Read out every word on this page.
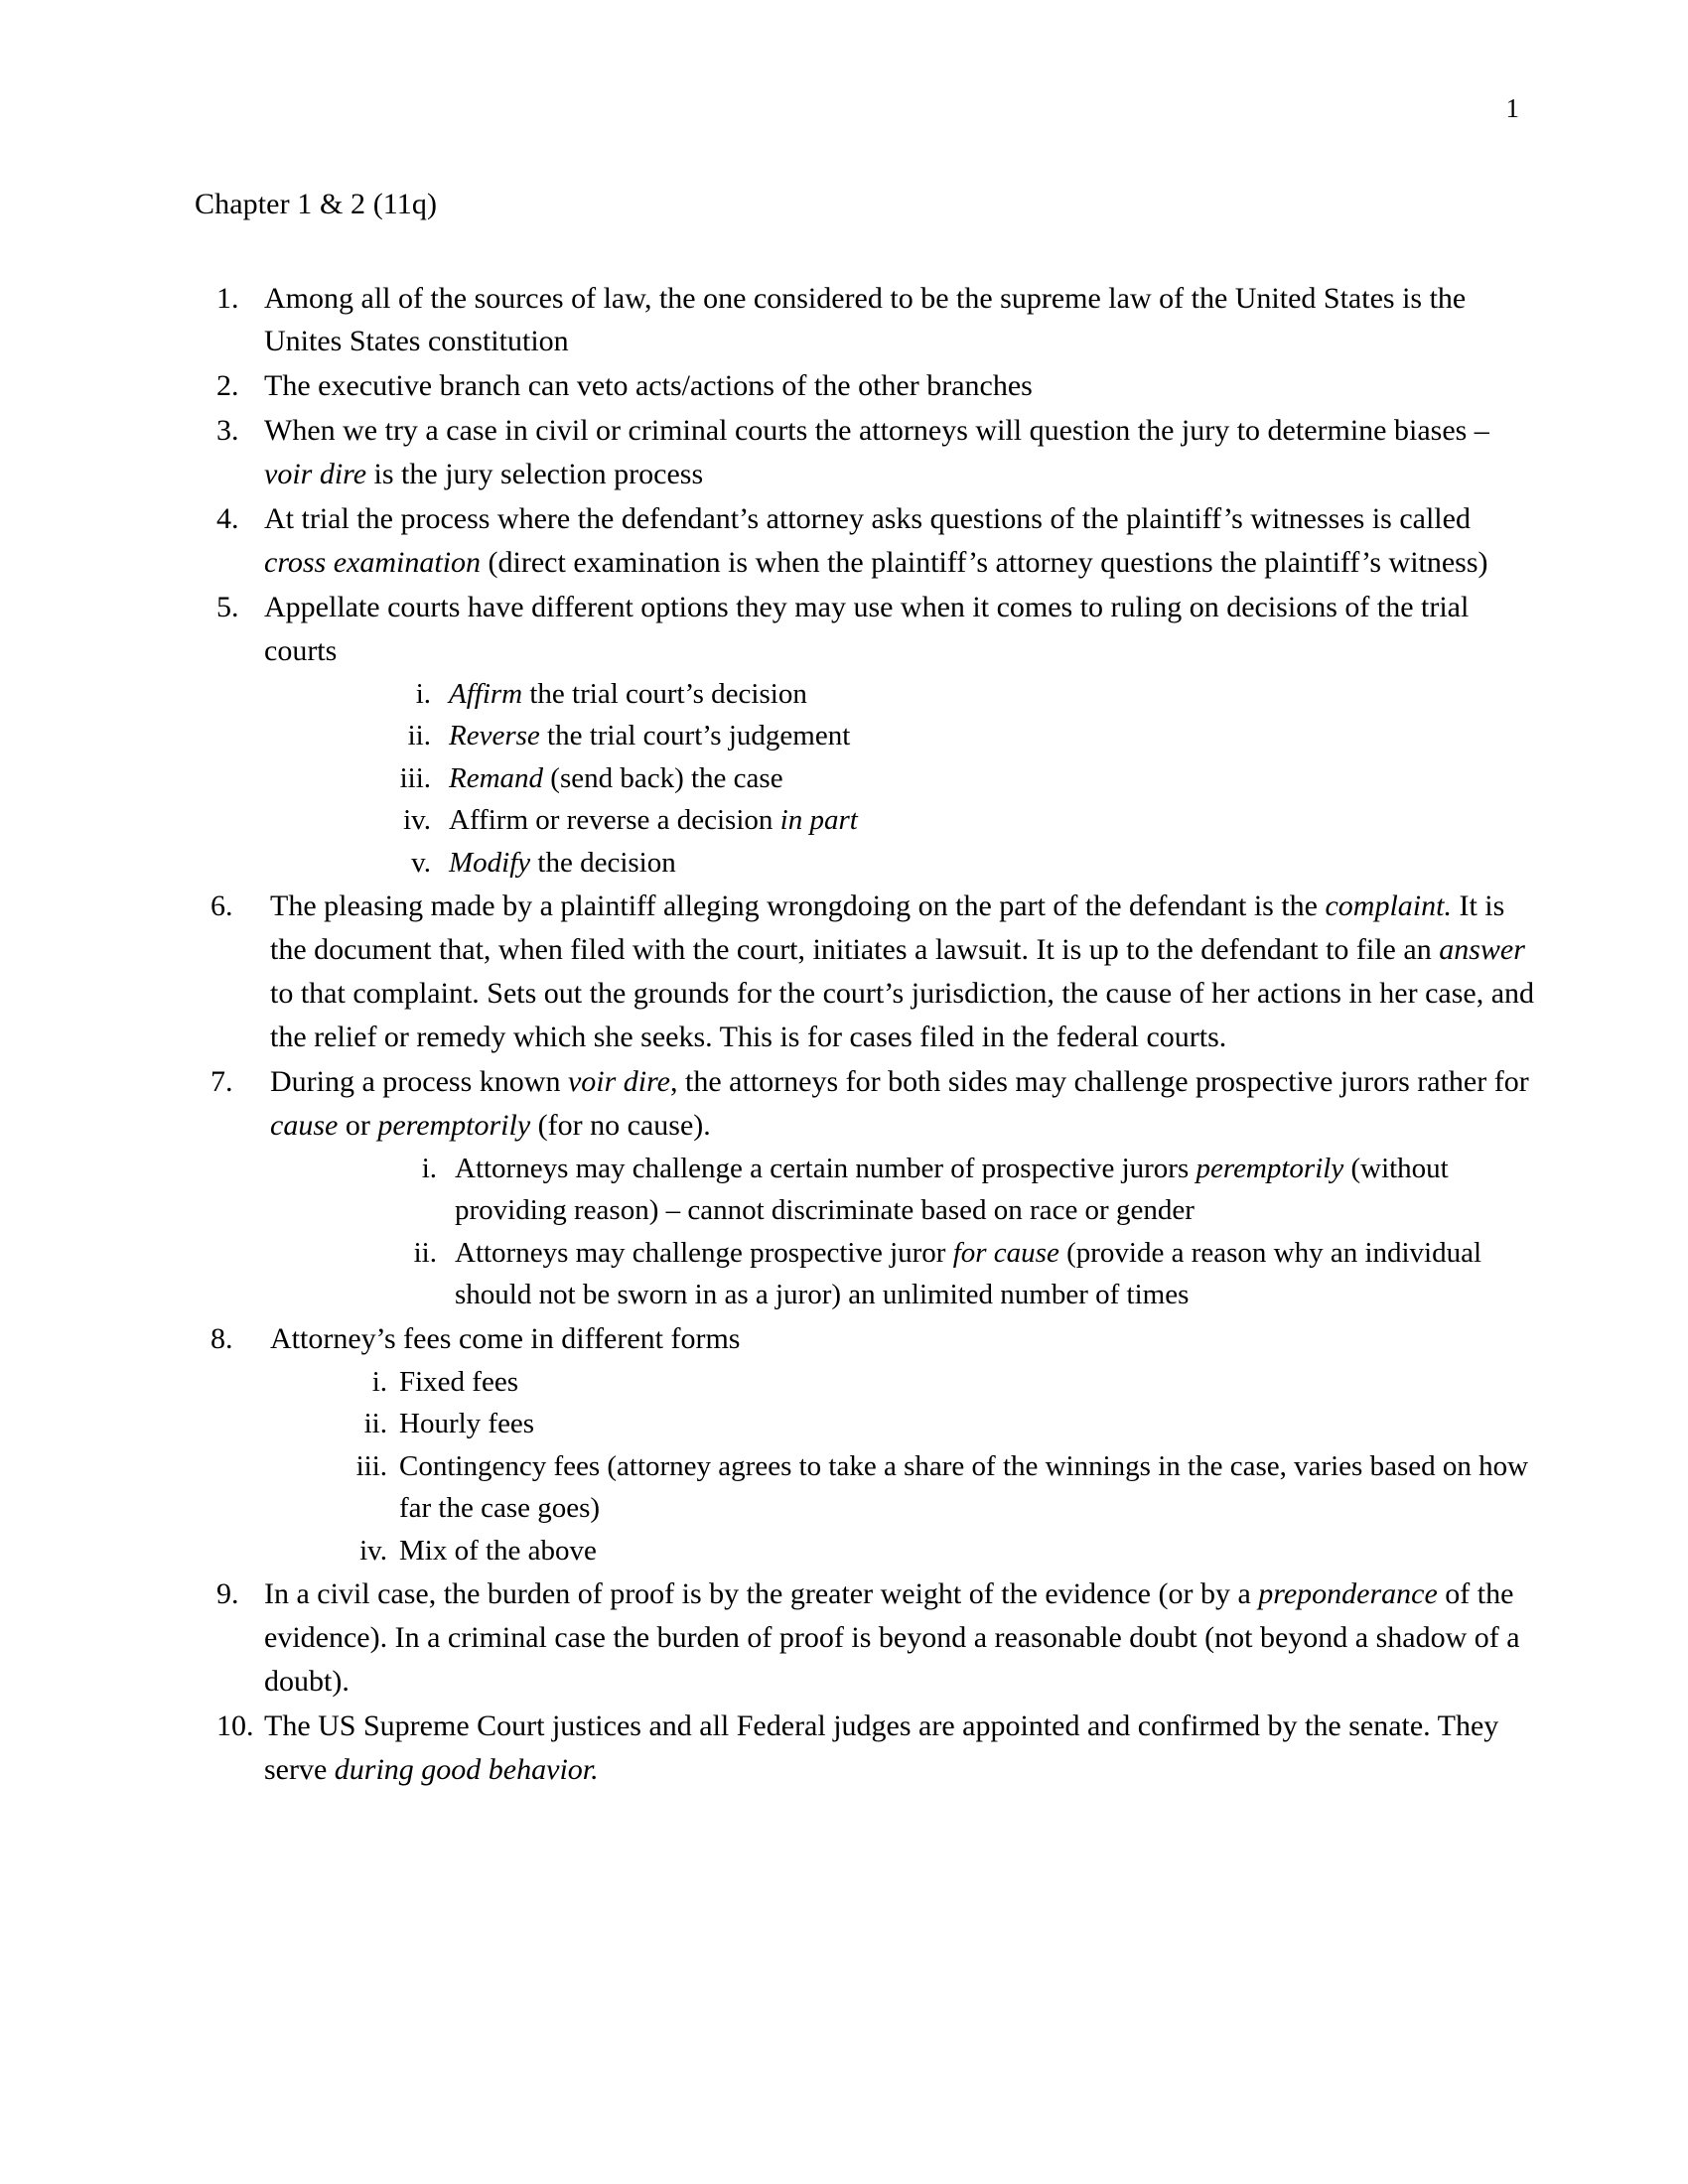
1
Chapter 1 & 2 (11q)
1. Among all of the sources of law, the one considered to be the supreme law of the United States is the Unites States constitution
2. The executive branch can veto acts/actions of the other branches
3. When we try a case in civil or criminal courts the attorneys will question the jury to determine biases – voir dire is the jury selection process
4. At trial the process where the defendant’s attorney asks questions of the plaintiff’s witnesses is called cross examination (direct examination is when the plaintiff’s attorney questions the plaintiff’s witness)
5. Appellate courts have different options they may use when it comes to ruling on decisions of the trial courts
i. Affirm the trial court’s decision
ii. Reverse the trial court’s judgement
iii. Remand (send back) the case
iv. Affirm or reverse a decision in part
v. Modify the decision
6.	The pleasing made by a plaintiff alleging wrongdoing on the part of the defendant is the complaint. It is the document that, when filed with the court, initiates a lawsuit. It is up to the defendant to file an answer to that complaint. Sets out the grounds for the court’s jurisdiction, the cause of her actions in her case, and the relief or remedy which she seeks. This is for cases filed in the federal courts.
7.	During a process known voir dire, the attorneys for both sides may challenge prospective jurors rather for cause or peremptorily (for no cause).
i. Attorneys may challenge a certain number of prospective jurors peremptorily (without providing reason) – cannot discriminate based on race or gender
ii. Attorneys may challenge prospective juror for cause (provide a reason why an individual should not be sworn in as a juror) an unlimited number of times
8.	Attorney’s fees come in different forms
i. Fixed fees
ii. Hourly fees
iii. Contingency fees (attorney agrees to take a share of the winnings in the case, varies based on how far the case goes)
iv. Mix of the above
9. In a civil case, the burden of proof is by the greater weight of the evidence (or by a preponderance of the evidence). In a criminal case the burden of proof is beyond a reasonable doubt (not beyond a shadow of a doubt).
10. The US Supreme Court justices and all Federal judges are appointed and confirmed by the senate. They serve during good behavior.
